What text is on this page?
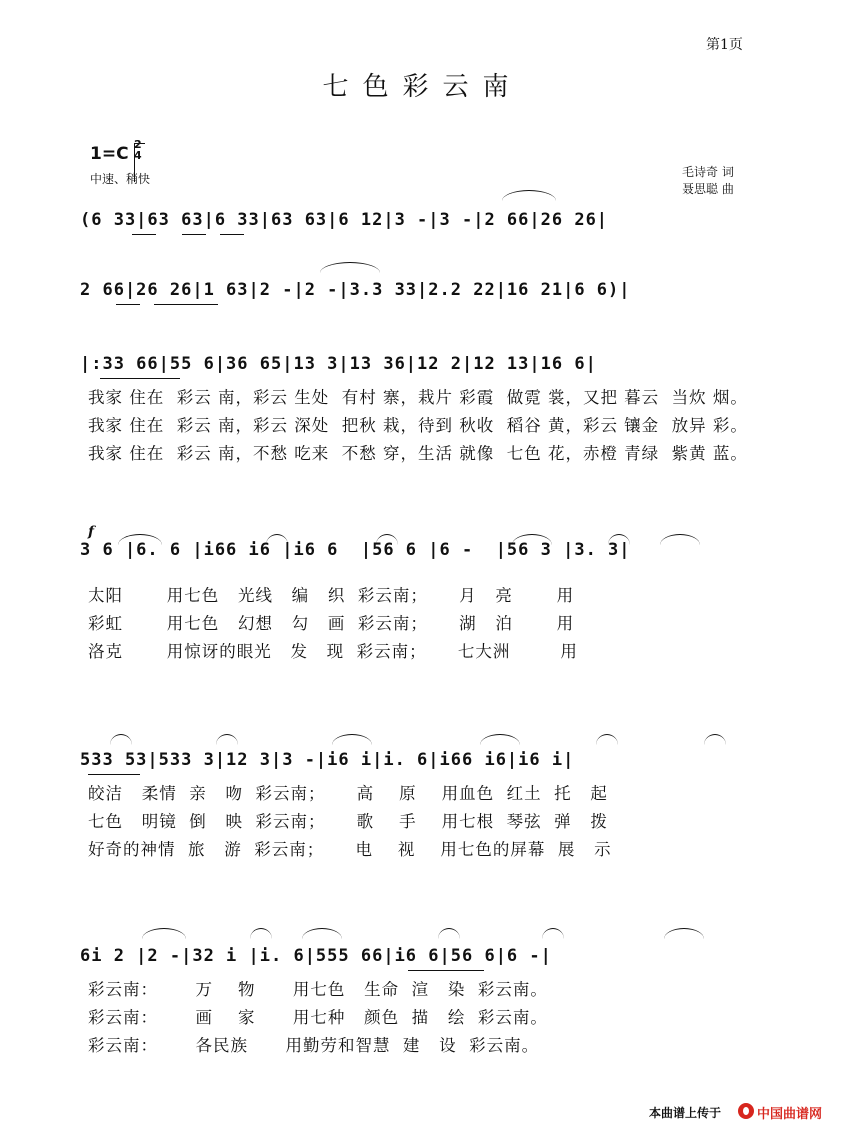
第1页
七色彩云南
1=C 2
4
中速、稍快	毛诗奇 词
聂思聪 曲
(6 33|63 63|6 33|63 63|6 12|3 -|3 -|2 66|26 26|
2 66|26 26|1 63|2 -|2 -|3.3 33|2.2 22|16 21|6 6)|
|:33 66|55 6|36 65|13 3|13 36|12 2|12 13|16 6|
我家 住在  彩云 南，彩云 生处  有村 寨，栽片 彩霞  做霓 裳，又把 暮云  当炊 烟。
我家 住在  彩云 南，彩云 深处  把秋 栽，待到 秋收  稻谷 黄，彩云 镶金  放异 彩。
我家 住在  彩云 南，不愁 吃来  不愁 穿，生活 就像  七色 花，赤橙 青绿  紫黄 蓝。
f
3 6 |6. 6 |i66 i6 |i6 6  |56 6 |6 -  |56 3 |3. 3|
太阳       用七色   光线   编   织  彩云南；     月   亮       用
彩虹       用七色   幻想   勾   画  彩云南；     湖   泊       用
洛克       用惊讶的眼光   发   现  彩云南；     七大洲        用
533 53|533 3|12 3|3 -|i6 i|i. 6|i66 i6|i6 i|
皎洁   柔情  亲   吻  彩云南；     高    原    用血色  红土  托   起
七色   明镜  倒   映  彩云南；     歌    手    用七根  琴弦  弹   拨
好奇的神情  旅   游  彩云南；     电    视    用七色的屏幕  展   示
6i 2 |2 -|32 i |i. 6|555 66|i6 6|56 6|6 -|
彩云南：      万    物      用七色   生命  渲   染  彩云南。
彩云南：      画    家      用七种   颜色  描   绘  彩云南。
彩云南：      各民族      用勤劳和智慧  建   设  彩云南。
本曲谱上传于	中国曲谱网
